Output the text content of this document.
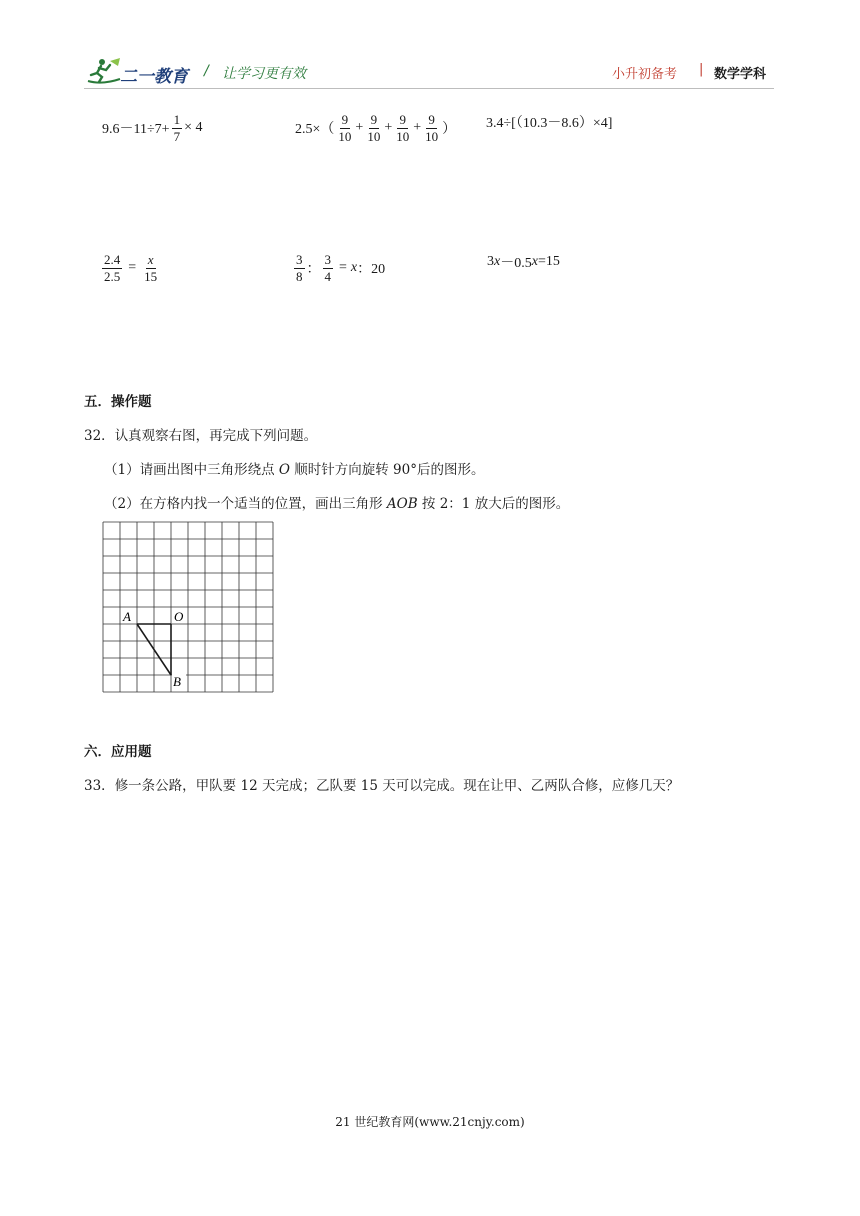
二一教育 / 让学习更有效	小升初备考 | 数学学科
$9.6-11\div 7+ \frac{1}{7} \times 4$	$2.5\times( \frac{9}{10} + \frac{9}{10} + \frac{9}{10} + \frac{9}{10}$ ） 3.4÷[（10.3－8.6）×4]
$\frac{2.4}{2.5} = \frac{x}{15}$	$\frac{3}{8}$ ： $\frac{3}{4} = x$ ：20
3 x －0.5 x =15
五．操作题
32．认真观察右图，再完成下列问题。
（1）请画出图中三角形绕点 O 顺时针方向旋转 90°后的图形。
（2）在方格内找一个适当的位置，画出三角形 AOB 按 2：1 放大后的图形。
A	O
B
六．应用题
33．修一条公路，甲队要 12 天完成；乙队要 15 天可以完成。现在让甲、乙两队合修，应修几天？
21 世纪教育网(www.21cnjy.com)
